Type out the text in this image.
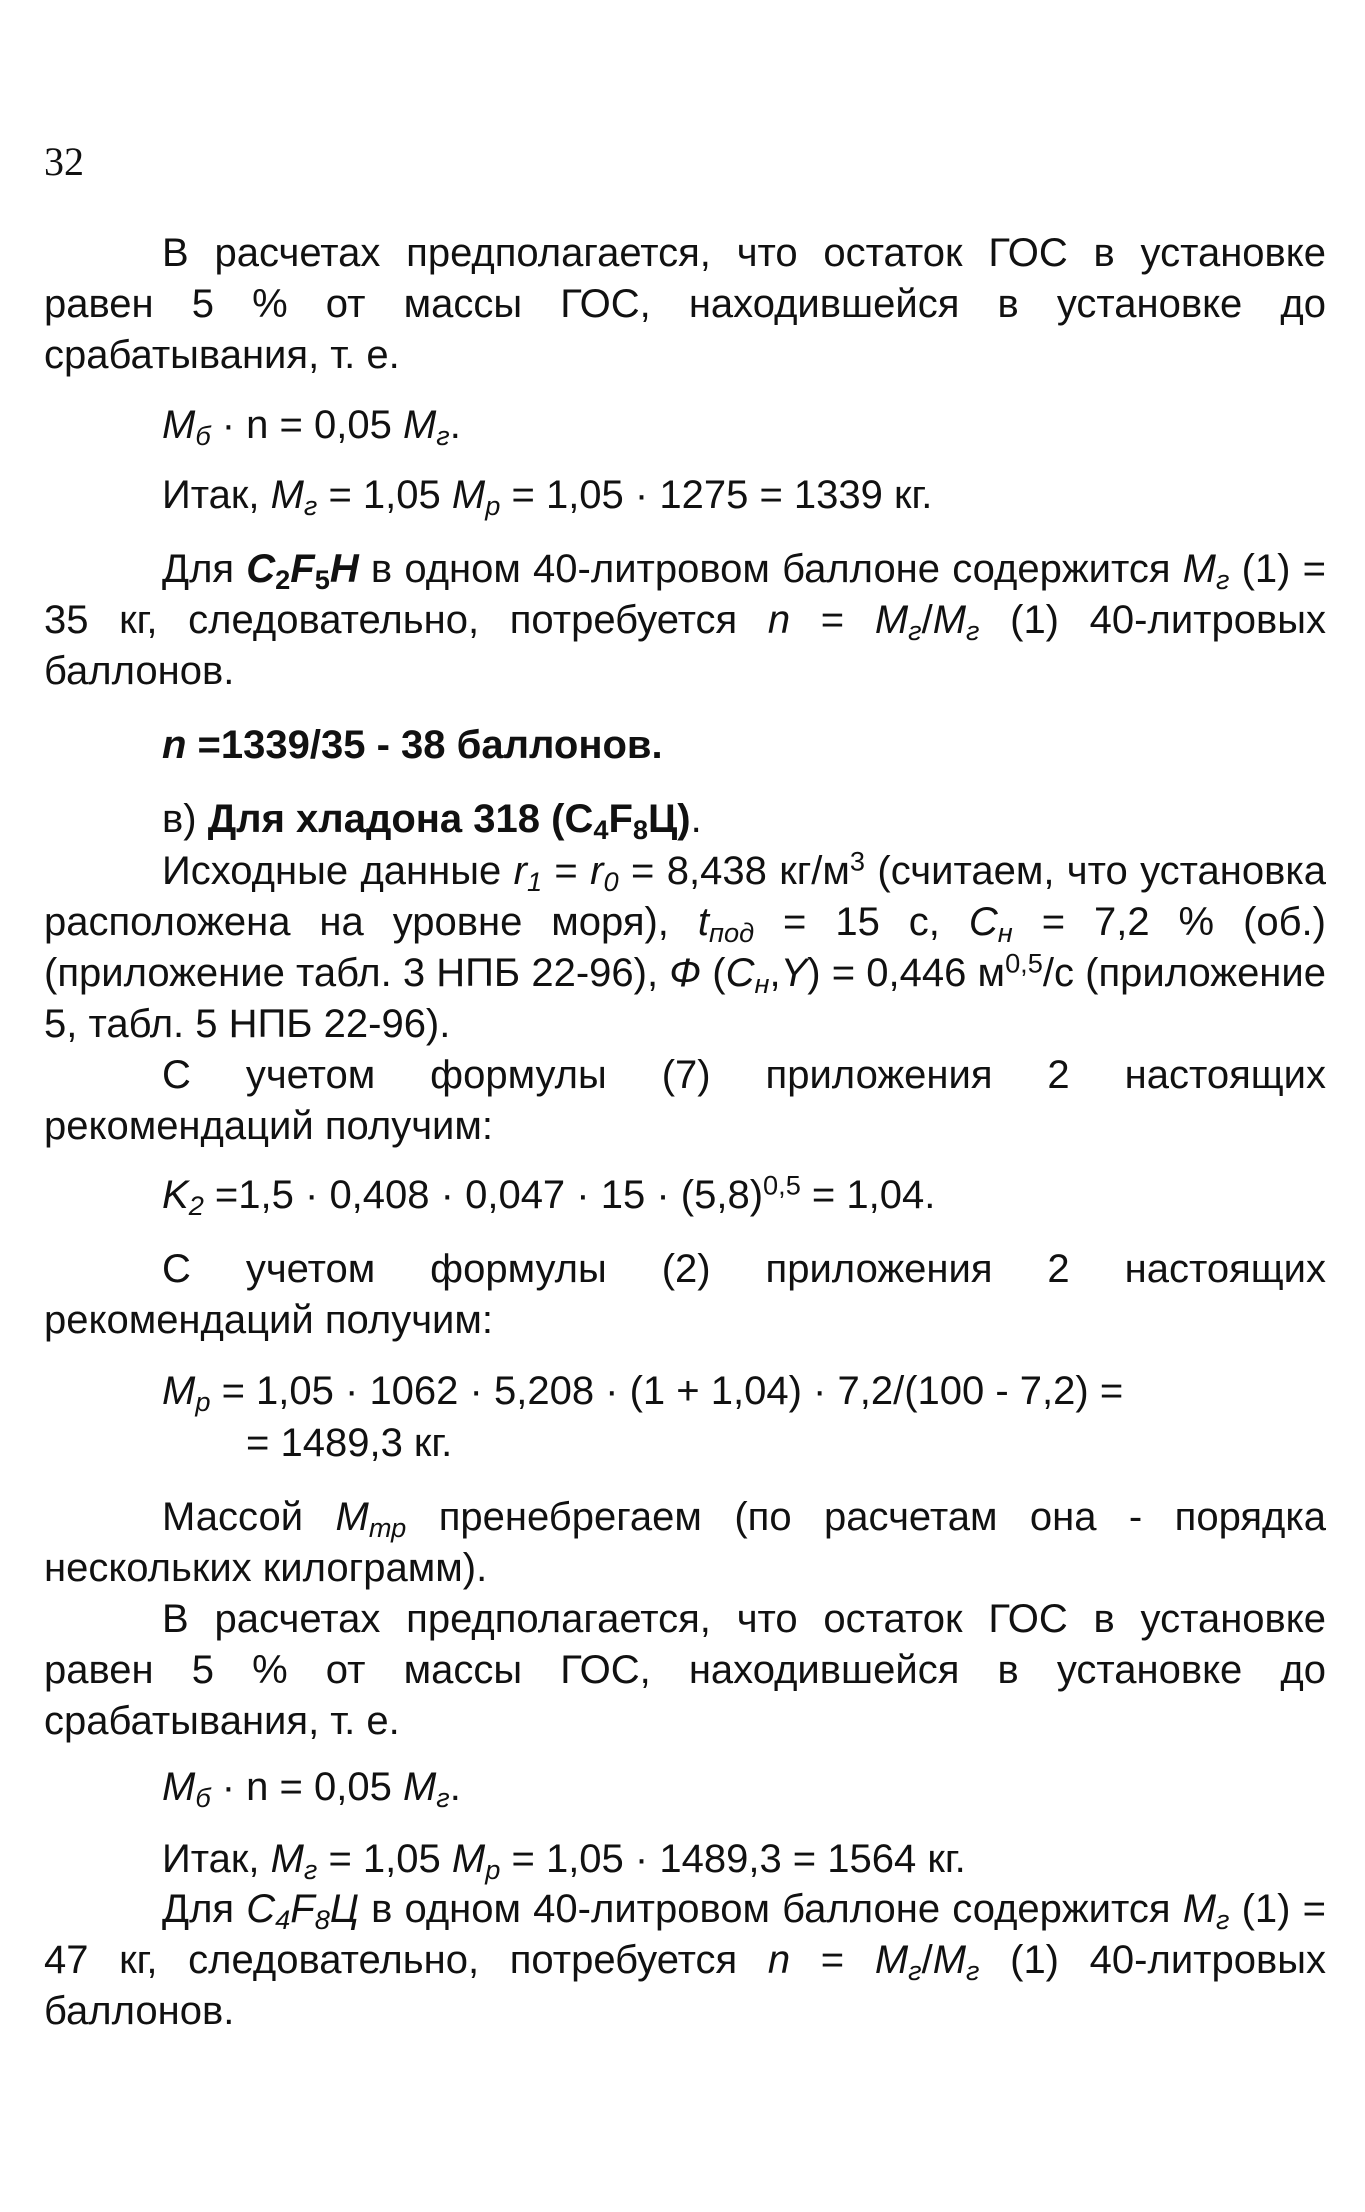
32

В расчетах предполагается, что остаток ГОС в установке равен 5 % от массы ГОС, находившейся в установке до срабатывания, т. е.

$M_б \cdot n = 0,05$ $M_г$.
Итак, $M_г = 1,05$ $M_р = 1,05 \cdot 1275 = 1339$ кг.

Для $C_2F_5H$ в одном 40-литровом баллоне содержится $M_г$ (1) = 35 кг, следовательно, потребуется $n = M_г/M_г$ (1) 40-литровых баллонов.

n =1339/35 - 38 баллонов.
в) Для хладона 318 $(C_4F_8Ц)$.

Исходные данные $r_1 = r_0 = 8,438$ $кг/м^3$ (считаем, что установка расположена на уровне моря), $t_{под} = 15$ с, $C_н = 7,2$ % (об.) (приложение табл. 3 НПБ 22-96), Ф $(C_н,Y) = 0,446$ $м^{0,5}/с$ (приложение 5, табл. 5 НПБ 22-96).

С учетом формулы (7) приложения 2 настоящих рекомендаций получим:

$K_2 =1,5 \cdot 0,408 \cdot 0,047 \cdot 15 \cdot (5,8)^{0,5} = 1,04$.

С учетом формулы (2) приложения 2 настоящих рекомендаций получим:

$M_р = 1,05 \cdot 1062 \cdot 5,208 \cdot (1 + 1,04) \cdot 7,2/(100 - 7,2)$ =
= 1489,3 кг.

Массой $M_{тр}$ пренебрегаем (по расчетам она - порядка нескольких килограмм).

В расчетах предполагается, что остаток ГОС в установке равен 5 % от массы ГОС, находившейся в установке до срабатывания, т. е.

$M_б \cdot n = 0,05$ $M_г$.
Итак, $M_г = 1,05$ $M_р = 1,05 \cdot 1489,3 = 1564$ кг.

Для $C_4F_8Ц$ в одном 40-литровом баллоне содержится $M_г$ (1) = 47 кг, следовательно, потребуется $n = M_г/M_г$ (1) 40-литровых баллонов.
